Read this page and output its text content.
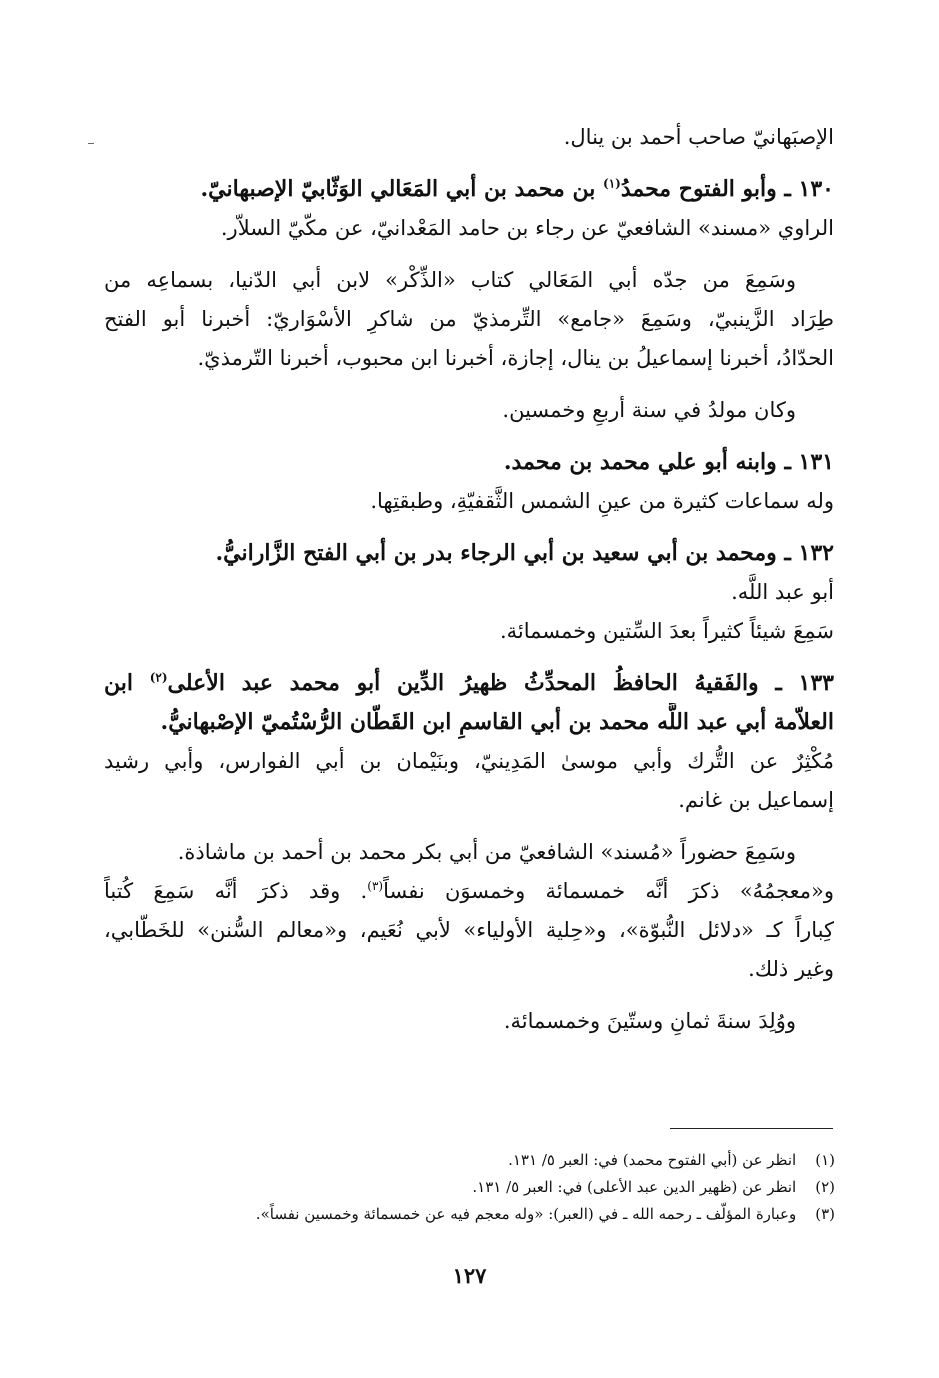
الإصبَهانيّ صاحب أحمد بن ينال.
١٣٠ ـ وأبو الفتوح محمدُ$^{(١)}$ بن محمد بن أبي المَعَالي الوَثّابيّ الإصبهانيّ.
الراوي «مسند» الشافعيّ عن رجاء بن حامد المَعْدانيّ، عن مكّيّ السلاّر.
وسَمِعَ من جدّه أبي المَعَالي كتاب «الذِّكْر» لابن أبي الدّنيا، بسماعِه من
طِرَاد الزَّينبيّ، وسَمِعَ «جامع» التِّرمذيّ من شاكرِ الأسْوَاريّ: أخبرنا أبو الفتح
الحدّادُ، أخبرنا إسماعيلُ بن ينال، إجازة، أخبرنا ابن محبوب، أخبرنا التّرمذيّ.
وكان مولدُ في سنة أربعِ وخمسين.
١٣١ ـ وابنه أبو علي محمد بن محمد.
وله سماعات كثيرة من عينِ الشمس الثَّقفيّةِ، وطبقتِها.
١٣٢ ـ ومحمد بن أبي سعيد بن أبي الرجاء بدر بن أبي الفتح الزَّارانيُّ.
أبو عبد اللَّه.
سَمِعَ شيئاً كثيراً بعدَ السِّتين وخمسمائة.
١٣٣ ـ والفَقيهُ الحافظُ المحدِّثُ ظهيرُ الدِّين أبو محمد عبد الأعلى$^{(٢)}$ ابن
العلاّمة أبي عبد اللَّه محمد بن أبي القاسمِ ابن القَطّان الرُّسْتُميّ الإصْبهانيُّ.
مُكْثِرٌ عن التُّرك وأبي موسىٰ المَدِينيّ، وبنَيْمان بن أبي الفوارس، وأبي رشيد
إسماعيل بن غانم.
وسَمِعَ حضوراً «مُسند» الشافعيّ من أبي بكر محمد بن أحمد بن ماشاذة.
و«معجمُهُ» ذكرَ أنَّه خمسمائة وخمسوَن نفساً$^{(٣)}$. وقد ذكرَ أنَّه سَمِعَ كُتباً
كِباراً كـ «دلائل النُّبوّة»، و«حِلية الأولياء» لأبي نُعَيم، و«معالم السُّنن» للخَطّابي،
وغير ذلك.
ووُلِدَ سنةَ ثمانِ وستّينَ وخمسمائة.
(١) انظر عن (أبي الفتوح محمد) في: العبر ٥/ ١٣١.
(٢) انظر عن (ظهير الدين عبد الأعلى) في: العبر ٥/ ١٣١.
(٣) وعبارة المؤلّف ـ رحمه الله ـ في (العبر): «وله معجم فيه عن خمسمائة وخمسين نفساً».
١٢٧
